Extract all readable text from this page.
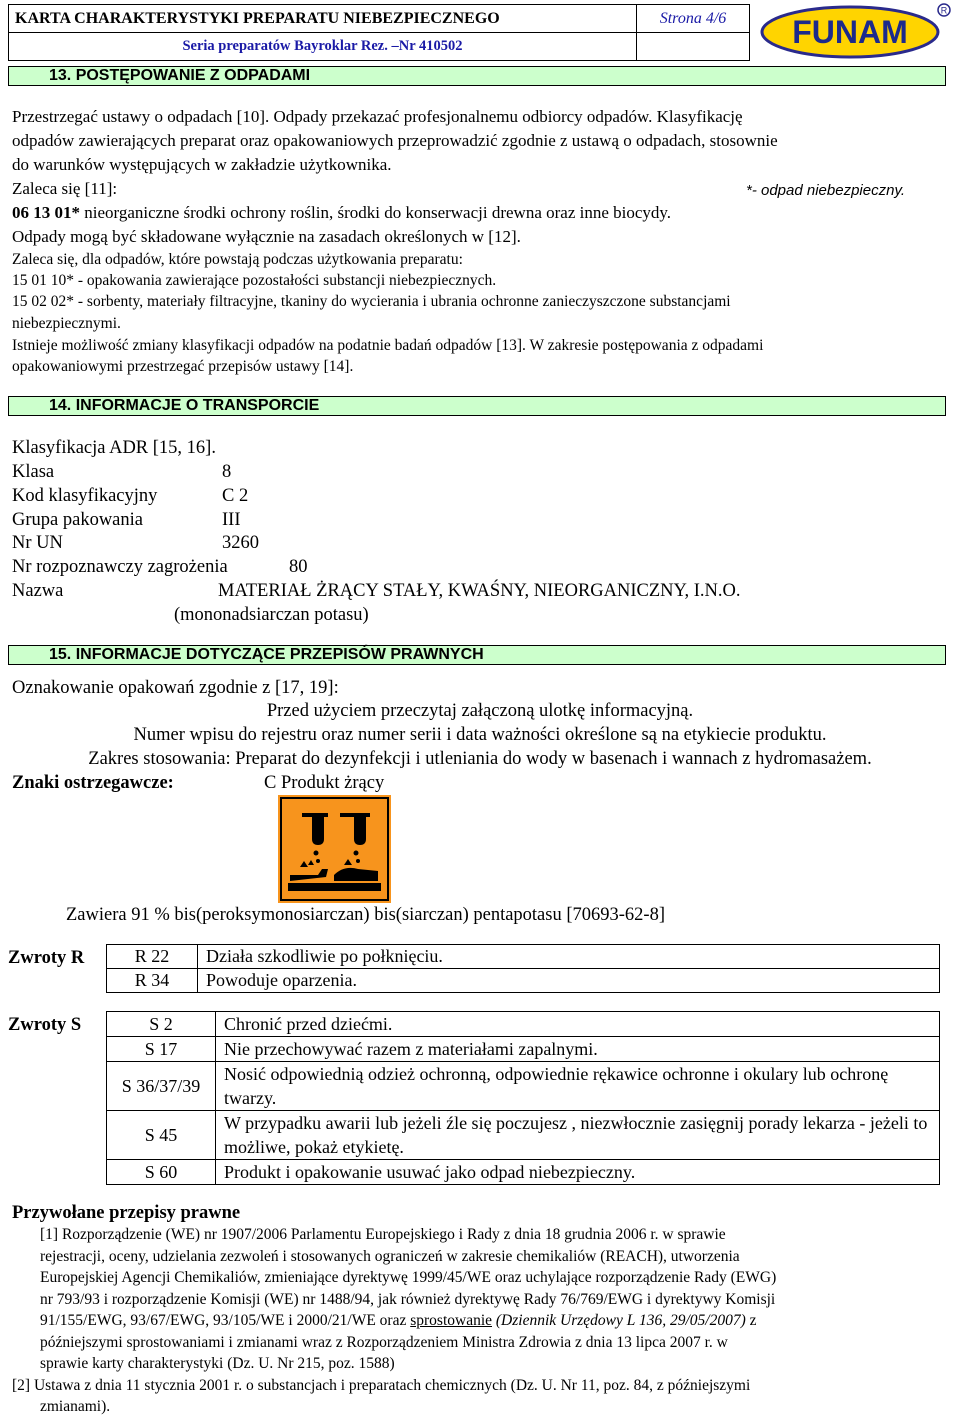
KARTA CHARAKTERYSTYKI PREPARATU NIEBEZPIECZNEGO	Strona 4/6
Seria preparatów Bayroklar Rez. –Nr 410502		FUNAM
R
13. POSTĘPOWANIE Z ODPADAMI
Przestrzegać ustawy o odpadach [10]. Odpady przekazać profesjonalnemu odbiorcy odpadów. Klasyfikację
odpadów zawierających preparat oraz opakowaniowych przeprowadzić zgodnie z ustawą o odpadach, stosownie
do warunków występujących w zakładzie użytkownika.
Zaleca się [11]:	*- odpad niebezpieczny.
06 13 01* nieorganiczne środki ochrony roślin, środki do konserwacji drewna oraz inne biocydy.
Odpady mogą być składowane wyłącznie na zasadach określonych w [12].
Zaleca się, dla odpadów, które powstają podczas użytkowania preparatu:
15 01 10* - opakowania zawierające pozostałości substancji niebezpiecznych.
15 02 02* - sorbenty, materiały filtracyjne, tkaniny do wycierania i ubrania ochronne zanieczyszczone substancjami
niebezpiecznymi.
Istnieje możliwość zmiany klasyfikacji odpadów na podatnie badań odpadów [13]. W zakresie postępowania z odpadami
opakowaniowymi przestrzegać przepisów ustawy [14].
14. INFORMACJE O TRANSPORCIE
Klasyfikacja ADR [15, 16].
Klasa	8
Kod klasyfikacyjny	C 2
Grupa pakowania	III
Nr UN	3260
Nr rozpoznawczy zagrożenia	80
Nazwa	MATERIAŁ ŻRĄCY STAŁY, KWAŚNY, NIEORGANICZNY, I.N.O.
(mononadsiarczan potasu)
15. INFORMACJE DOTYCZĄCE PRZEPISÓW PRAWNYCH
Oznakowanie opakowań zgodnie z [17, 19]:
Przed użyciem przeczytaj załączoną ulotkę informacyjną.
Numer wpisu do rejestru oraz numer serii i data ważności określone są na etykiecie produktu.
Zakres stosowania: Preparat do dezynfekcji i utleniania do wody w basenach i wannach z hydromasażem.
Znaki ostrzegawcze:	C Produkt żrący
Zawiera 91 % bis(peroksymonosiarczan) bis(siarczan) pentapotasu [70693-62-8]
Zwroty R	R 22	Działa szkodliwie po połknięciu.
R 34	Powoduje oparzenia.
Zwroty S	S 2	Chronić przed dziećmi.
S 17	Nie przechowywać razem z materiałami zapalnymi.
S 36/37/39	Nosić odpowiednią odzież ochronną, odpowiednie rękawice ochronne i okulary lub ochronę twarzy.
S 45	W przypadku awarii lub jeżeli źle się poczujesz , niezwłocznie zasięgnij porady lekarza - jeżeli to możliwe, pokaż etykietę.
S 60	Produkt i opakowanie usuwać jako odpad niebezpieczny.
Przywołane przepisy prawne
[1] Rozporządzenie (WE) nr 1907/2006 Parlamentu Europejskiego i Rady z dnia 18 grudnia 2006 r. w sprawie
rejestracji, oceny, udzielania zezwoleń i stosowanych ograniczeń w zakresie chemikaliów (REACH), utworzenia
Europejskiej Agencji Chemikaliów, zmieniające dyrektywę 1999/45/WE oraz uchylające rozporządzenie Rady (EWG)
nr 793/93 i rozporządzenie Komisji (WE) nr 1488/94, jak również dyrektywę Rady 76/769/EWG i dyrektywy Komisji
91/155/EWG, 93/67/EWG, 93/105/WE i 2000/21/WE oraz sprostowanie (Dziennik Urzędowy L 136, 29/05/2007) z
późniejszymi sprostowaniami i zmianami wraz z Rozporządzeniem Ministra Zdrowia z dnia 13 lipca 2007 r. w
sprawie karty charakterystyki (Dz. U. Nr 215, poz. 1588)
[2] Ustawa z dnia 11 stycznia 2001 r. o substancjach i preparatach chemicznych (Dz. U. Nr 11, poz. 84, z późniejszymi
zmianami).
